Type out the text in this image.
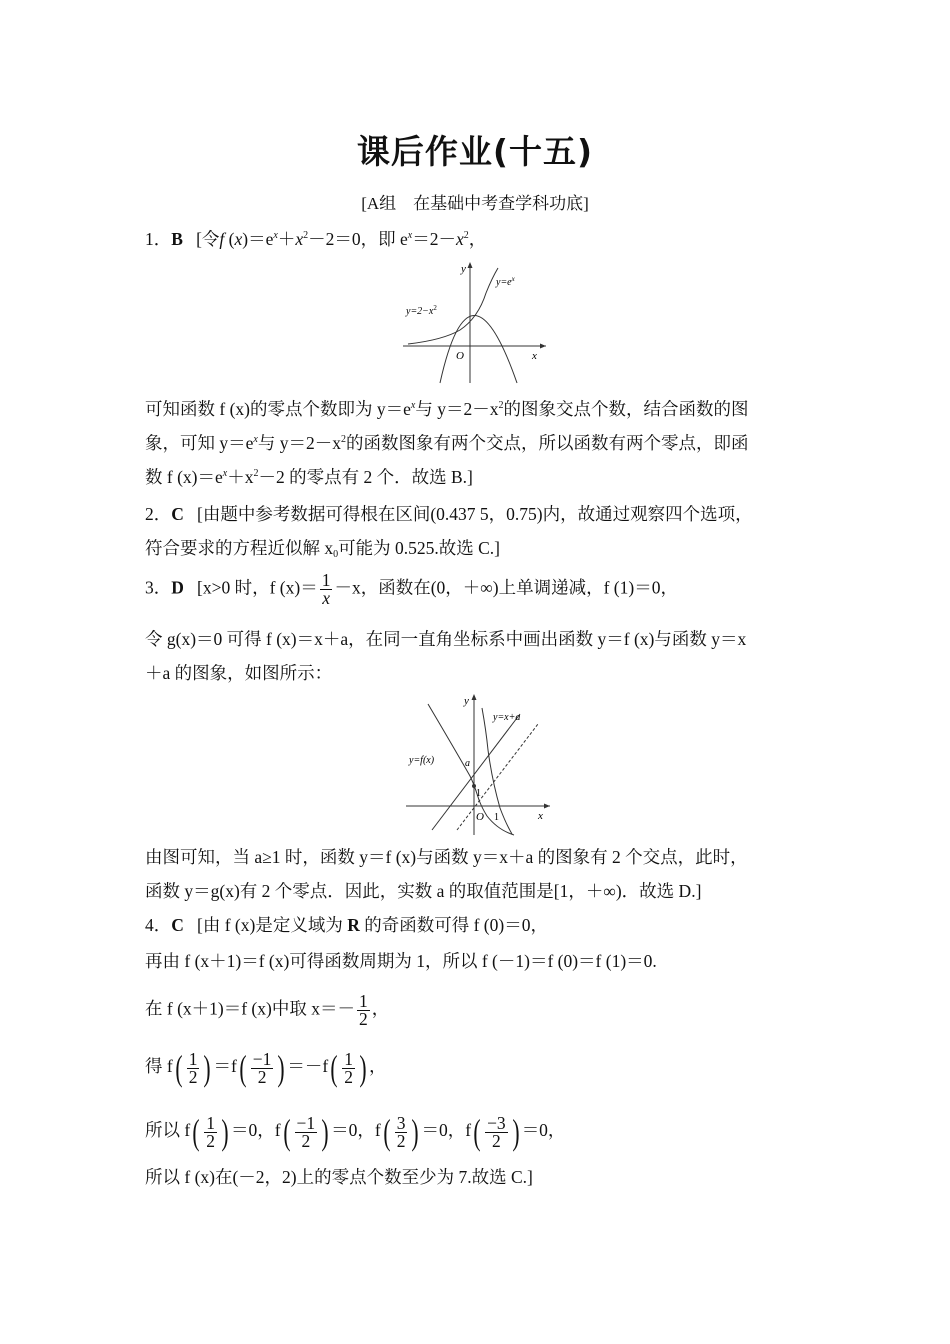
课后作业(十五)
[A组　在基础中考查学科功底]
1．B [令f $(x)=e^x+x^2-2=0$，即 $e^x=2-x^2$，
y
x
O
$y=e^x$
$y=2-x^2$
可知函数 f (x)的零点个数即为 $y=e^x$与 $y=2-x^2$的图象交点个数，结合函数的图
象，可知 $y=e^x$与 $y=2-x^2$的函数图象有两个交点，所以函数有两个零点，即函
数 f $(x)=e^x+x^2-2$ 的零点有 2 个．故选 B.]
2．C [由题中参考数据可得根在区间(0.437 5，0.75)内，故通过观察四个选项，
符合要求的方程近似解 $x_0$可能为 0.525.故选 C.]
3．D [x>0 时，f $(x)= \frac{1}{x} -x$，函数在(0，＋∞)上单调递减，f (1)＝0，
令 g(x)＝0 可得 f (x)＝x＋a，在同一直角坐标系中画出函数 y＝f (x)与函数 y＝x
＋a 的图象，如图所示：
y
x
O
y=x+a
y=f(x)	a
1
1
由图可知，当 a≥1 时，函数 y＝f (x)与函数 y＝x＋a 的图象有 2 个交点，此时，
函数 y＝g(x)有 2 个零点．因此，实数 a 的取值范围是[1，＋∞)．故选 D.]
4．C [由 f (x)是定义域为 R 的奇函数可得 f (0)＝0，
再由 f (x＋1)＝f (x)可得函数周期为 1，所以 f (－1)＝f (0)＝f (1)＝0.
在 f (x＋1)＝f (x)中取 $x=- \frac{1}{2}$ ，
得 $f( \frac{1}{2}$ ) $=f( \frac{-1}{2}$ ) $=-f( \frac{1}{2}$ ) ，
所以 $f( \frac{1}{2}$ ) ＝0，$f( \frac{-1}{2}$ ) ＝0，$f( \frac{3}{2}$ ) ＝0，$f( \frac{-3}{2}$ ) ＝0，
所以 f (x)在(－2，2)上的零点个数至少为 7.故选 C.]
